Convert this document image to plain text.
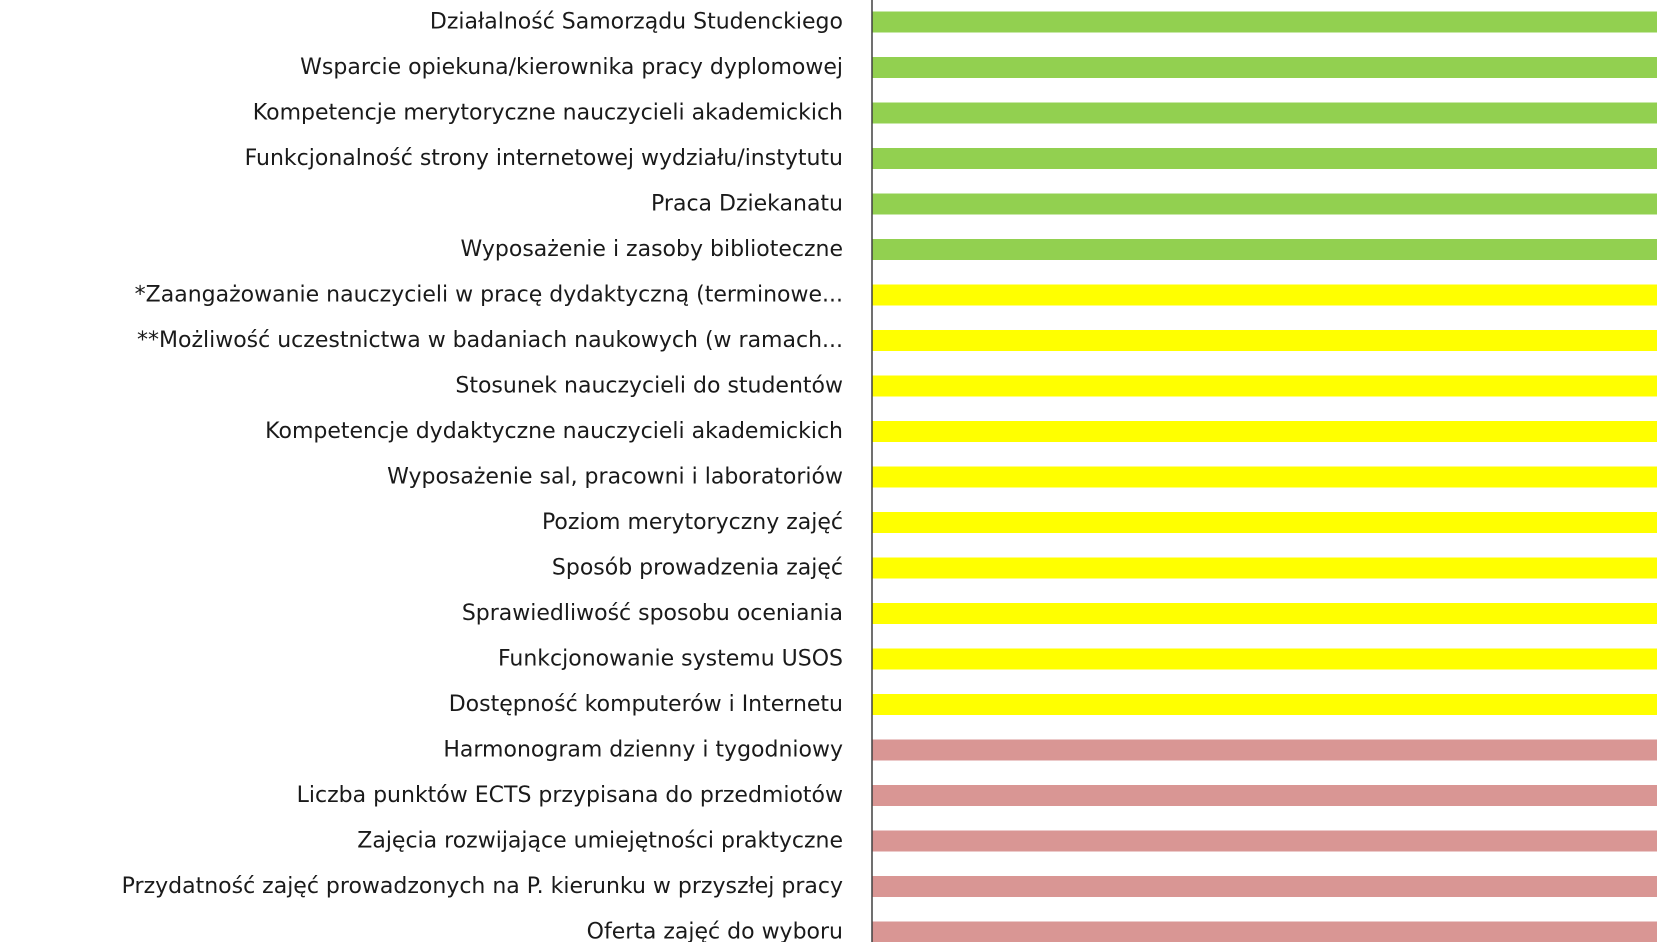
Działalność Samorządu Studenckiego
Wsparcie opiekuna/kierownika pracy dyplomowej
Kompetencje merytoryczne nauczycieli akademickich
Funkcjonalność strony internetowej wydziału/instytutu
Praca Dziekanatu
Wyposażenie i zasoby biblioteczne
*Zaangażowanie nauczycieli w pracę dydaktyczną (terminowe...
**Możliwość uczestnictwa w badaniach naukowych (w ramach...
Stosunek nauczycieli do studentów
Kompetencje dydaktyczne nauczycieli akademickich
Wyposażenie sal, pracowni i laboratoriów
Poziom merytoryczny zajęć
Sposób prowadzenia zajęć
Sprawiedliwość sposobu oceniania
Funkcjonowanie systemu USOS
Dostępność komputerów i Internetu
Harmonogram dzienny i tygodniowy
Liczba punktów ECTS przypisana do przedmiotów
Zajęcia rozwijające umiejętności praktyczne
Przydatność zajęć prowadzonych na P. kierunku w przyszłej pracy
Oferta zajęć do wyboru
